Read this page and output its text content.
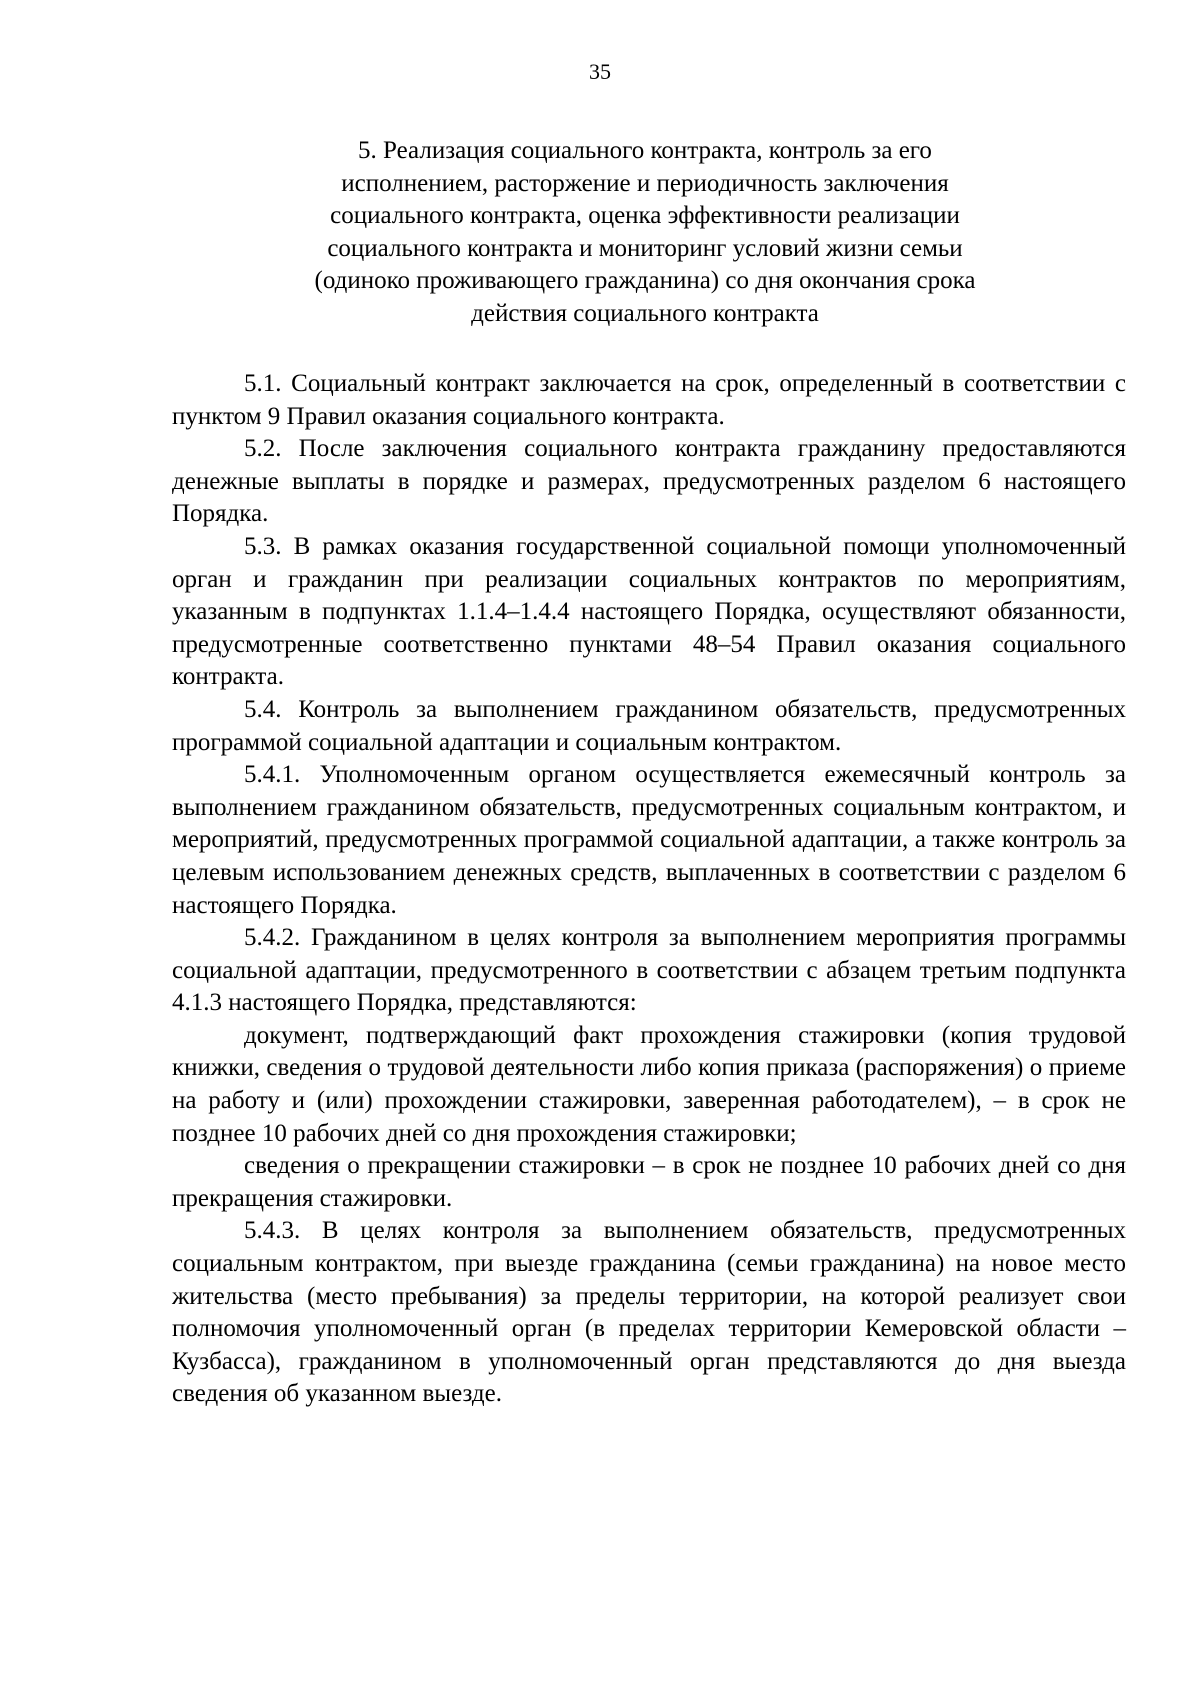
35
5. Реализация социального контракта, контроль за его
исполнением, расторжение и периодичность заключения
социального контракта, оценка эффективности реализации
социального контракта и мониторинг условий жизни семьи
(одиноко проживающего гражданина) со дня окончания срока
действия социального контракта

5.1. Социальный контракт заключается на срок, определенный в соответствии с пунктом 9 Правил оказания социального контракта.

5.2. После заключения социального контракта гражданину предоставляются денежные выплаты в порядке и размерах, предусмотренных разделом 6 настоящего Порядка.

5.3. В рамках оказания государственной социальной помощи уполномоченный орган и гражданин при реализации социальных контрактов по мероприятиям, указанным в подпунктах 1.1.4–1.4.4 настоящего Порядка, осуществляют обязанности, предусмотренные соответственно пунктами 48–54 Правил оказания социального контракта.

5.4. Контроль за выполнением гражданином обязательств, предусмотренных программой социальной адаптации и социальным контрактом.

5.4.1. Уполномоченным органом осуществляется ежемесячный контроль за выполнением гражданином обязательств, предусмотренных социальным контрактом, и мероприятий, предусмотренных программой социальной адаптации, а также контроль за целевым использованием денежных средств, выплаченных в соответствии с разделом 6 настоящего Порядка.

5.4.2. Гражданином в целях контроля за выполнением мероприятия программы социальной адаптации, предусмотренного в соответствии с абзацем третьим подпункта 4.1.3 настоящего Порядка, представляются:

документ, подтверждающий факт прохождения стажировки (копия трудовой книжки, сведения о трудовой деятельности либо копия приказа (распоряжения) о приеме на работу и (или) прохождении стажировки, заверенная работодателем), – в срок не позднее 10 рабочих дней со дня прохождения стажировки;

сведения о прекращении стажировки – в срок не позднее 10 рабочих дней со дня прекращения стажировки.

5.4.3. В целях контроля за выполнением обязательств, предусмотренных социальным контрактом, при выезде гражданина (семьи гражданина) на новое место жительства (место пребывания) за пределы территории, на которой реализует свои полномочия уполномоченный орган (в пределах территории Кемеровской области – Кузбасса), гражданином в уполномоченный орган представляются до дня выезда сведения об указанном выезде.
